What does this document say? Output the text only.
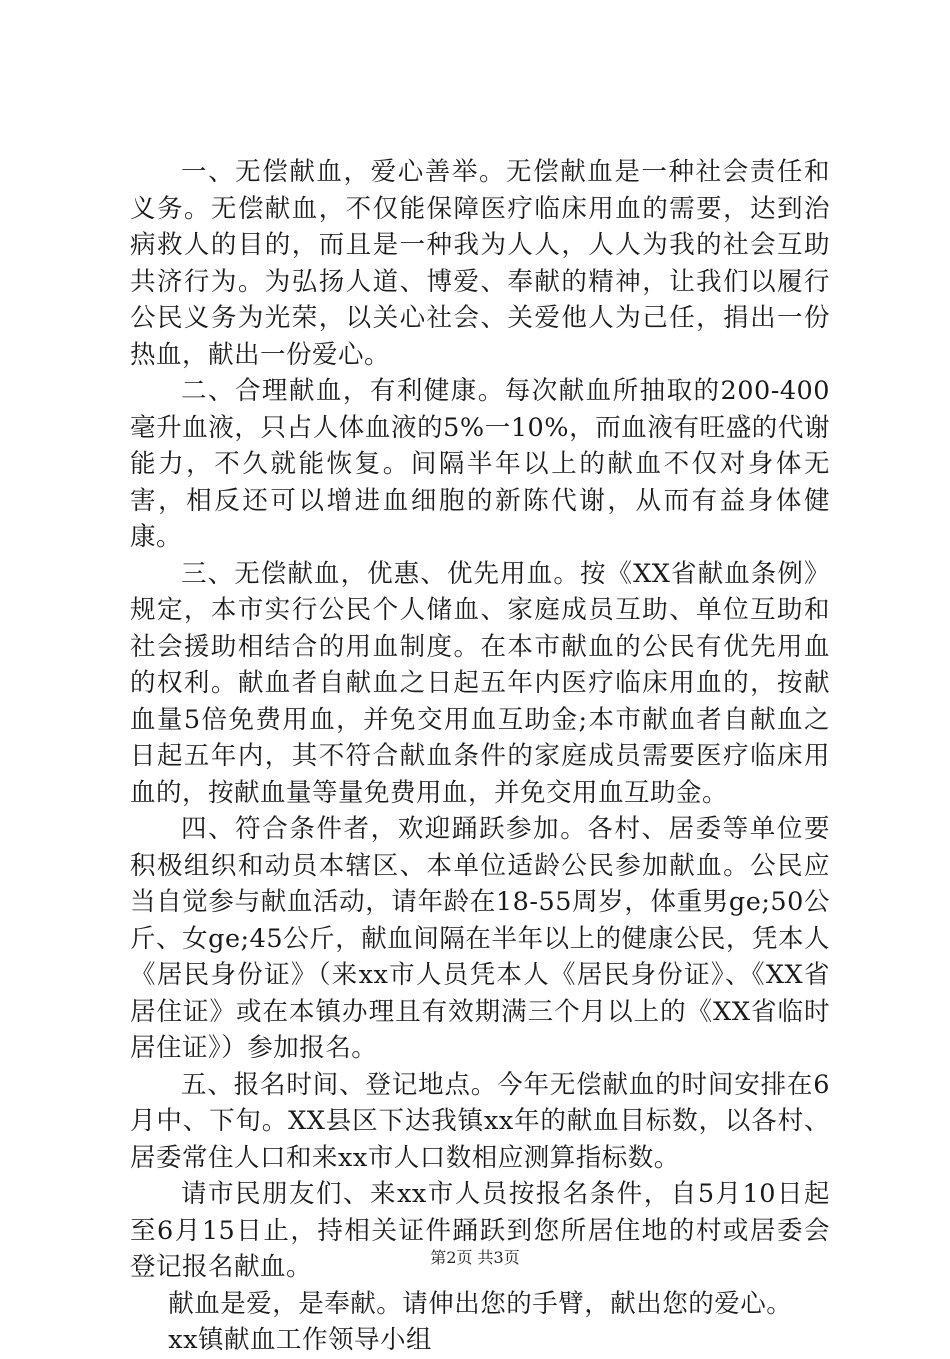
一、无偿献血，爱心善举。无偿献血是一种社会责任和义务。无偿献血，不仅能保障医疗临床用血的需要，达到治病救人的目的，而且是一种我为人人，人人为我的社会互助共济行为。为弘扬人道、博爱、奉献的精神，让我们以履行公民义务为光荣，以关心社会、关爱他人为己任，捐出一份热血，献出一份爱心。

二、合理献血，有利健康。每次献血所抽取的200-400毫升血液，只占人体血液的5%一10%，而血液有旺盛的代谢能力，不久就能恢复。间隔半年以上的献血不仅对身体无害，相反还可以增进血细胞的新陈代谢，从而有益身体健康。

三、无偿献血，优惠、优先用血。按《XX省献血条例》规定，本市实行公民个人储血、家庭成员互助、单位互助和社会援助相结合的用血制度。在本市献血的公民有优先用血的权利。献血者自献血之日起五年内医疗临床用血的，按献血量5倍免费用血，并免交用血互助金;本市献血者自献血之日起五年内，其不符合献血条件的家庭成员需要医疗临床用血的，按献血量等量免费用血，并免交用血互助金。

四、符合条件者，欢迎踊跃参加。各村、居委等单位要积极组织和动员本辖区、本单位适龄公民参加献血。公民应当自觉参与献血活动，请年龄在18-55周岁，体重男ge;50公斤、女ge;45公斤，献血间隔在半年以上的健康公民，凭本人《居民身份证》（来xx市人员凭本人《居民身份证》、《XX省居住证》或在本镇办理且有效期满三个月以上的《XX省临时居住证》）参加报名。

五、报名时间、登记地点。今年无偿献血的时间安排在6月中、下旬。XX县区下达我镇xx年的献血目标数，以各村、居委常住人口和来xx市人口数相应测算指标数。

请市民朋友们、来xx市人员按报名条件，自5月10日起至6月15日止，持相关证件踊跃到您所居住地的村或居委会登记报名献血。

献血是爱，是奉献。请伸出您的手臂，献出您的爱心。

xx镇献血工作领导小组

第2页 共3页
